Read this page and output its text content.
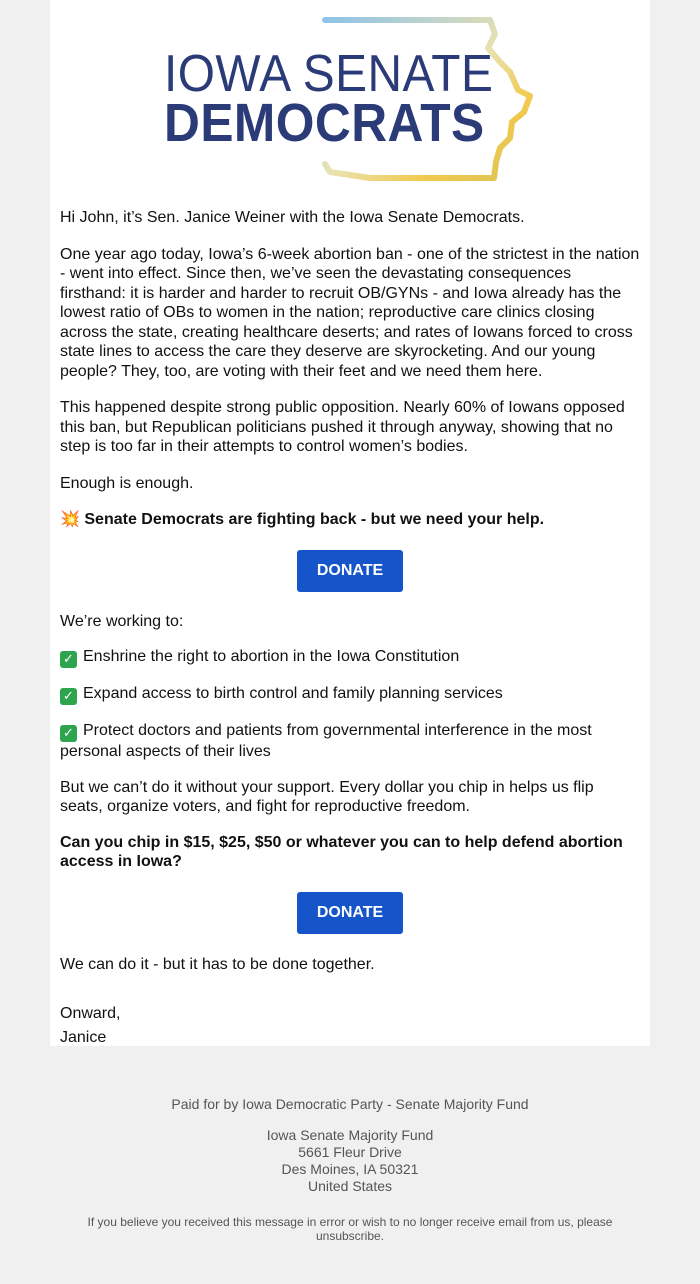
IOWA SENATE
DEMOCRATS

Hi John, it’s Sen. Janice Weiner with the Iowa Senate Democrats.

One year ago today, Iowa’s 6-week abortion ban - one of the strictest in the nation - went into effect. Since then, we’ve seen the devastating consequences firsthand: it is harder and harder to recruit OB/GYNs - and Iowa already has the lowest ratio of OBs to women in the nation; reproductive care clinics closing across the state, creating healthcare deserts; and rates of Iowans forced to cross state lines to access the care they deserve are skyrocketing. And our young people? They, too, are voting with their feet and we need them here.

This happened despite strong public opposition. Nearly 60% of Iowans opposed this ban, but Republican politicians pushed it through anyway, showing that no step is too far in their attempts to control women’s bodies.

Enough is enough.

💥 Senate Democrats are fighting back - but we need your help.

DONATE

We’re working to:

✓ Enshrine the right to abortion in the Iowa Constitution

✓ Expand access to birth control and family planning services

✓ Protect doctors and patients from governmental interference in the most personal aspects of their lives

But we can’t do it without your support. Every dollar you chip in helps us flip seats, organize voters, and fight for reproductive freedom.

Can you chip in $15, $25, $50 or whatever you can to help defend abortion access in Iowa?

DONATE

We can do it - but it has to be done together.

Onward,

Janice

Paid for by Iowa Democratic Party - Senate Majority Fund
Iowa Senate Majority Fund
5661 Fleur Drive
Des Moines, IA 50321
United States
If you believe you received this message in error or wish to no longer receive email from us, please unsubscribe.
